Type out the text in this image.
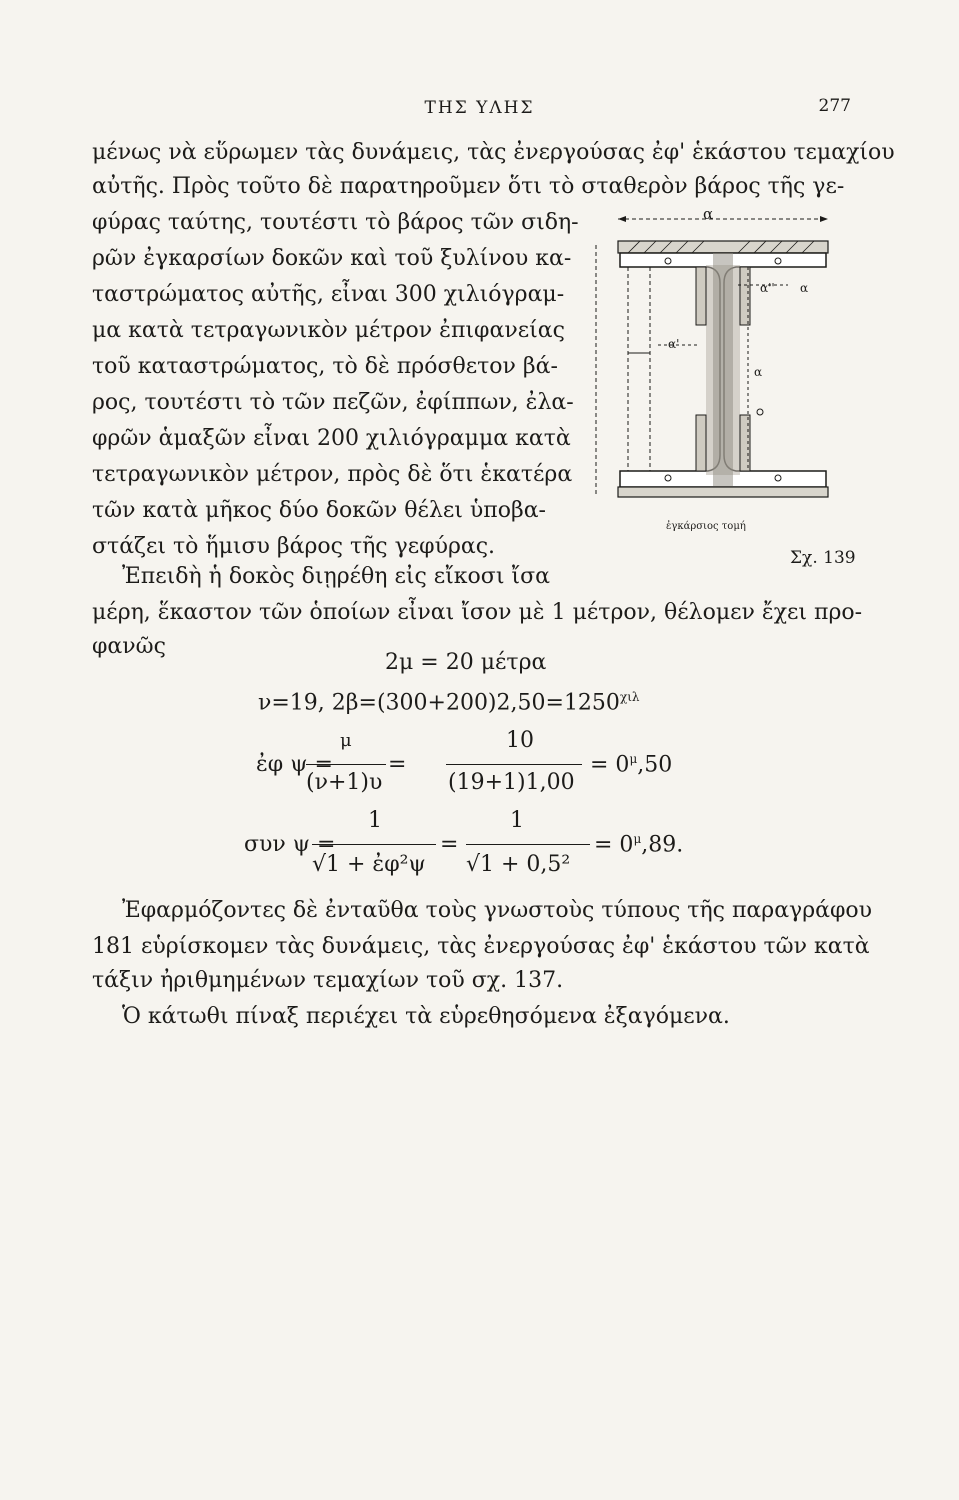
ΤΗΣ ΥΛΗΣ	277
μένως νὰ εὕρωμεν τὰς δυνάμεις, τὰς ἐνεργούσας ἐφ' ἑκάστου τεμαχίου
αὐτῆς. Πρὸς τοῦτο δὲ παρατηροῦμεν ὅτι τὸ σταθερὸν βάρος τῆς γε-
φύρας ταύτης, τουτέστι τὸ βάρος τῶν σιδη-
ρῶν ἐγκαρσίων δοκῶν καὶ τοῦ ξυλίνου κα-
ταστρώματος αὐτῆς, εἶναι 300 χιλιόγραμ-
μα κατὰ τετραγωνικὸν μέτρον ἐπιφανείας
τοῦ καταστρώματος, τὸ δὲ πρόσθετον βά-
ρος, τουτέστι τὸ τῶν πεζῶν, ἐφίππων, ἐλα-
φρῶν ἁμαξῶν εἶναι 200 χιλιόγραμμα κατὰ
τετραγωνικὸν μέτρον, πρὸς δὲ ὅτι ἑκατέρα
τῶν κατὰ μῆκος δύο δοκῶν θέλει ὑποβα-
στάζει τὸ ἥμισυ βάρος τῆς γεφύρας.
Ἐπειδὴ ἡ δοκὸς διῃρέθη εἰς εἴκοσι ἴσα
μέρη, ἕκαστον τῶν ὁποίων εἶναι ἴσον μὲ 1 μέτρον, θέλομεν ἔχει προ-
φανῶς
α
α'' α
α'
α
ἐγκάρσιος τομή
Σχ. 139
2μ = 20 μέτρα
ν=19, $2\beta=(300+200)2,50=1250^{\chi\iota\lambda}$
ἐφ ψ =
μ
(ν+1)υ
=
10
(19+1)1,00
= $0^\mu,50$
συν ψ =
1
√1 + ἐφ²ψ
=
1
√1 + 0,5²
= $0^\mu,89$.
Ἐφαρμόζοντες δὲ ἐνταῦθα τοὺς γνωστοὺς τύπους τῆς παραγράφου
181 εὑρίσκομεν τὰς δυνάμεις, τὰς ἐνεργούσας ἐφ' ἑκάστου τῶν κατὰ
τάξιν ἠριθμημένων τεμαχίων τοῦ σχ. 137.
Ὁ κάτωθι πίναξ περιέχει τὰ εὑρεθησόμενα ἐξαγόμενα.
